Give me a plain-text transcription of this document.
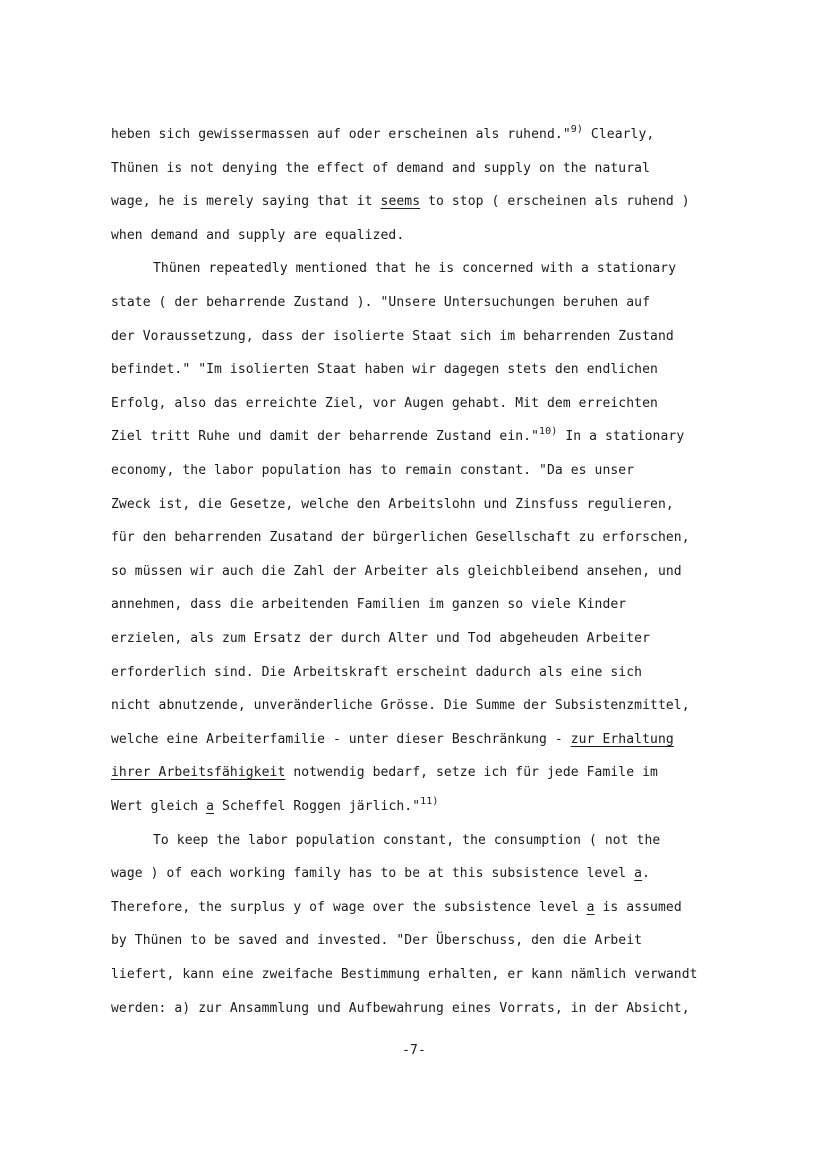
heben sich gewissermassen auf oder erscheinen als ruhend."$^{9)}$ Clearly,
Thünen is not denying the effect of demand and supply on the natural
wage, he is merely saying that it seems to stop ( erscheinen als ruhend )
when demand and supply are equalized.
Thünen repeatedly mentioned that he is concerned with a stationary
state ( der beharrende Zustand ). "Unsere Untersuchungen beruhen auf
der Voraussetzung, dass der isolierte Staat sich im beharrenden Zustand
befindet." "Im isolierten Staat haben wir dagegen stets den endlichen
Erfolg, also das erreichte Ziel, vor Augen gehabt. Mit dem erreichten
Ziel tritt Ruhe und damit der beharrende Zustand ein."$^{10)}$ In a stationary
economy, the labor population has to remain constant. "Da es unser
Zweck ist, die Gesetze, welche den Arbeitslohn und Zinsfuss regulieren,
für den beharrenden Zusatand der bürgerlichen Gesellschaft zu erforschen,
so müssen wir auch die Zahl der Arbeiter als gleichbleibend ansehen, und
annehmen, dass die arbeitenden Familien im ganzen so viele Kinder
erzielen, als zum Ersatz der durch Alter und Tod abgeheuden Arbeiter
erforderlich sind. Die Arbeitskraft erscheint dadurch als eine sich
nicht abnutzende, unveränderliche Grösse. Die Summe der Subsistenzmittel,
welche eine Arbeiterfamilie - unter dieser Beschränkung - zur Erhaltung
ihrer Arbeitsfähigkeit notwendig bedarf, setze ich für jede Famile im
Wert gleich a Scheffel Roggen järlich."$^{11)}$
To keep the labor population constant, the consumption ( not the
wage ) of each working family has to be at this subsistence level a.
Therefore, the surplus y of wage over the subsistence level a is assumed
by Thünen to be saved and invested. "Der Überschuss, den die Arbeit
liefert, kann eine zweifache Bestimmung erhalten, er kann nämlich verwandt
werden: a) zur Ansammlung und Aufbewahrung eines Vorrats, in der Absicht,
-7-
